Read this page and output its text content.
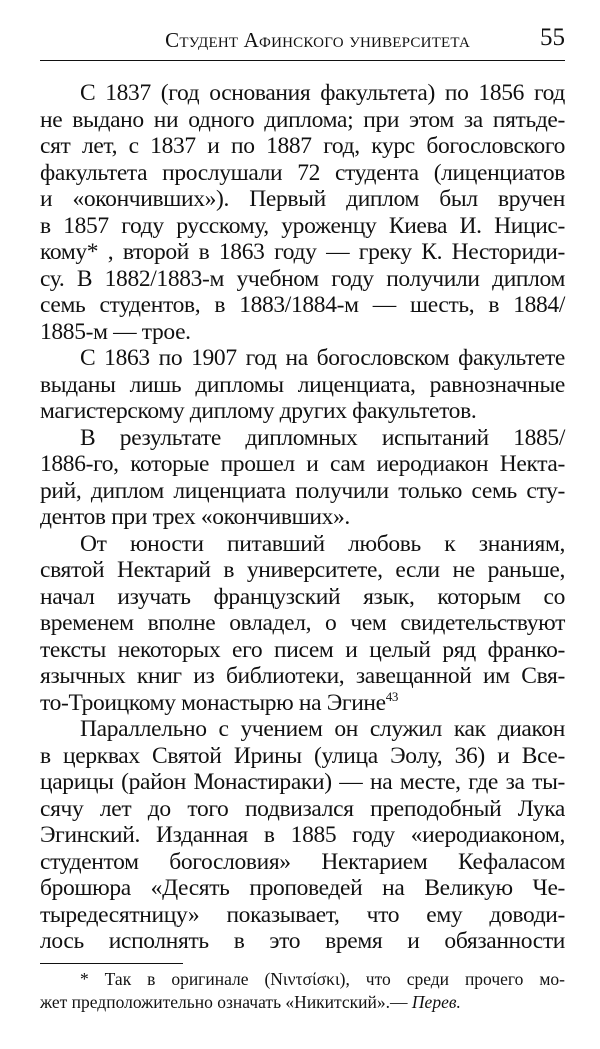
Студент Афинского университета	55
С 1837 (год основания факультета) по 1856 год
не выдано ни одного диплома; при этом за пятьде-
сят лет, с 1837 и по 1887 год, курс богословского
факультета прослушали 72 студента (лиценциатов
и «окончивших»). Первый диплом был вручен
в 1857 году русскому, уроженцу Киева И. Ницис-
кому* , второй в 1863 году — греку К. Несториди-
су. В 1882/1883-м учебном году получили диплом
семь студентов, в 1883/1884-м — шесть, в 1884/
1885-м — трое.
С 1863 по 1907 год на богословском факультете
выданы лишь дипломы лиценциата, равнозначные
магистерскому диплому других факультетов.
В результате дипломных испытаний 1885/
1886-го, которые прошел и сам иеродиакон Некта-
рий, диплом лиценциата получили только семь сту-
дентов при трех «окончивших».
От юности питавший любовь к знаниям,
святой Нектарий в университете, если не раньше,
начал изучать французский язык, которым со
временем вполне овладел, о чем свидетельствуют
тексты некоторых его писем и целый ряд франко-
язычных книг из библиотеки, завещанной им Свя-
то-Троицкому монастырю на Эгине$^{43}$
Параллельно с учением он служил как диакон
в церквах Святой Ирины (улица Эолу, 36) и Все-
царицы (район Монастираки) — на месте, где за ты-
сячу лет до того подвизался преподобный Лука
Эгинский. Изданная в 1885 году «иеродиаконом,
студентом богословия» Нектарием Кефаласом
брошюра «Десять проповедей на Великую Че-
тыредесятницу» показывает, что ему доводи-
лось исполнять в это время и обязанности
* Так в оригинале (Νιντσίσκι), что среди прочего мо-
жет предположительно означать «Никитский».— Перев.
